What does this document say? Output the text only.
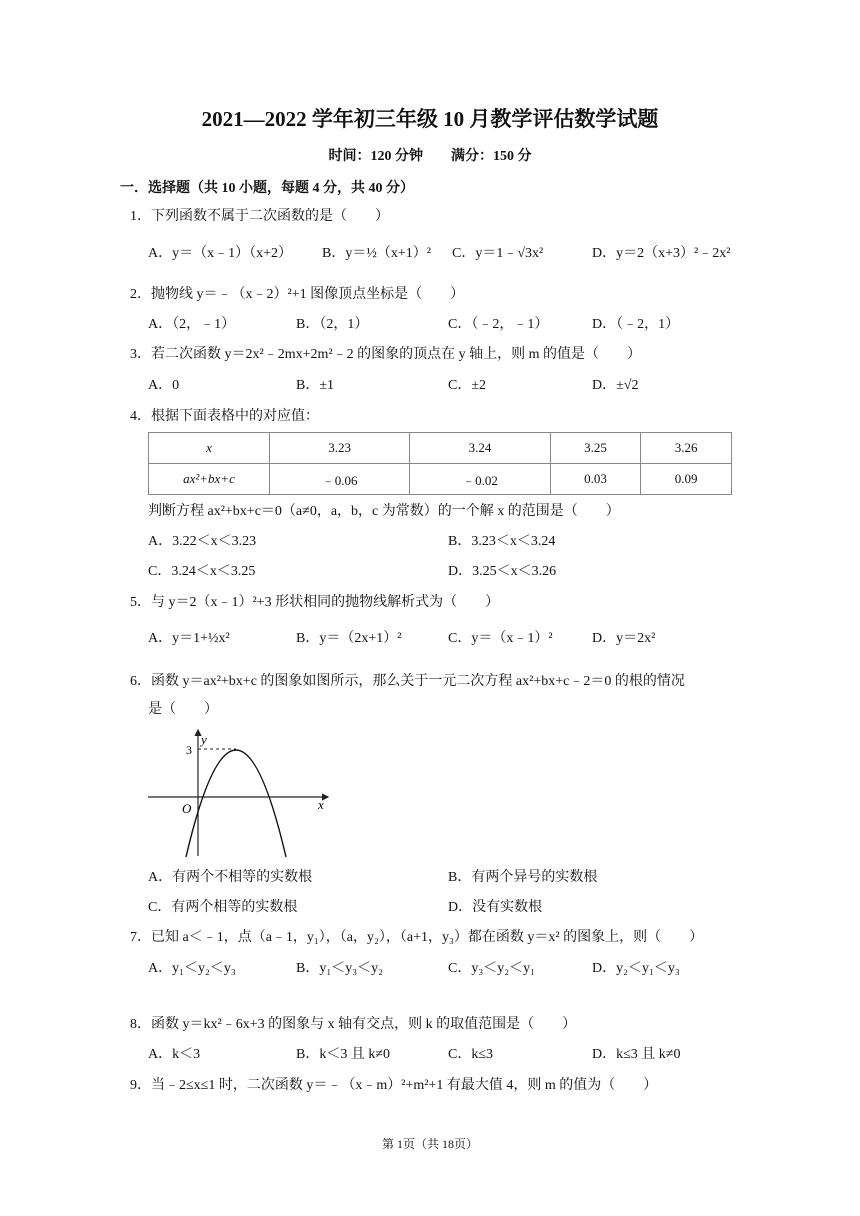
2021—2022 学年初三年级 10 月教学评估数学试题
时间：120 分钟　　满分：150 分
一．选择题（共 10 小题，每题 4 分，共 40 分）
1．下列函数不属于二次函数的是（　　）
A．y＝（x﹣1）（x+2） B．y＝½（x+1）² C．y＝1﹣√3x²	D．y＝2（x+3）²﹣2x²
2．抛物线 y＝﹣（x﹣2）²+1 图像顶点坐标是（　　）
A．（2，﹣1）	B．（2，1）	C．（﹣2，﹣1）	D．（﹣2，1）
3．若二次函数 y＝2x²﹣2mx+2m²﹣2 的图象的顶点在 y 轴上，则 m 的值是（　　）
A．0	B．±1	C．±2	D．±√2
4．根据下面表格中的对应值：
x	3.23	3.24	3.25	3.26
ax²+bx+c	﹣0.06	﹣0.02	0.03	0.09
判断方程 ax²+bx+c＝0（a≠0，a，b，c 为常数）的一个解 x 的范围是（　　）
A．3.22＜x＜3.23	B．3.23＜x＜3.24
C．3.24＜x＜3.25	D．3.25＜x＜3.26
5．与 y＝2（x﹣1）²+3 形状相同的抛物线解析式为（　　）
A．y＝1+½x²	B．y＝（2x+1）²	C．y＝（x﹣1）²	D．y＝2x²
6．函数 y＝ax²+bx+c 的图象如图所示，那么关于一元二次方程 ax²+bx+c﹣2＝0 的根的情况
是（　　）
y
x
O
3
A．有两个不相等的实数根	B．有两个异号的实数根
C．有两个相等的实数根	D．没有实数根
7．已知 a＜﹣1，点（a﹣1，y₁），（a，y₂），（a+1，y₃）都在函数 y＝x² 的图象上，则（　　）
A．y₁＜y₂＜y₃	B．y₁＜y₃＜y₂	C．y₃＜y₂＜y₁	D．y₂＜y₁＜y₃
8．函数 y＝kx²﹣6x+3 的图象与 x 轴有交点，则 k 的取值范围是（　　）
A．k＜3	B．k＜3 且 k≠0	C．k≤3	D．k≤3 且 k≠0
9．当﹣2≤x≤1 时，二次函数 y＝﹣（x﹣m）²+m²+1 有最大值 4，则 m 的值为（　　）
第 1页（共 18页）
